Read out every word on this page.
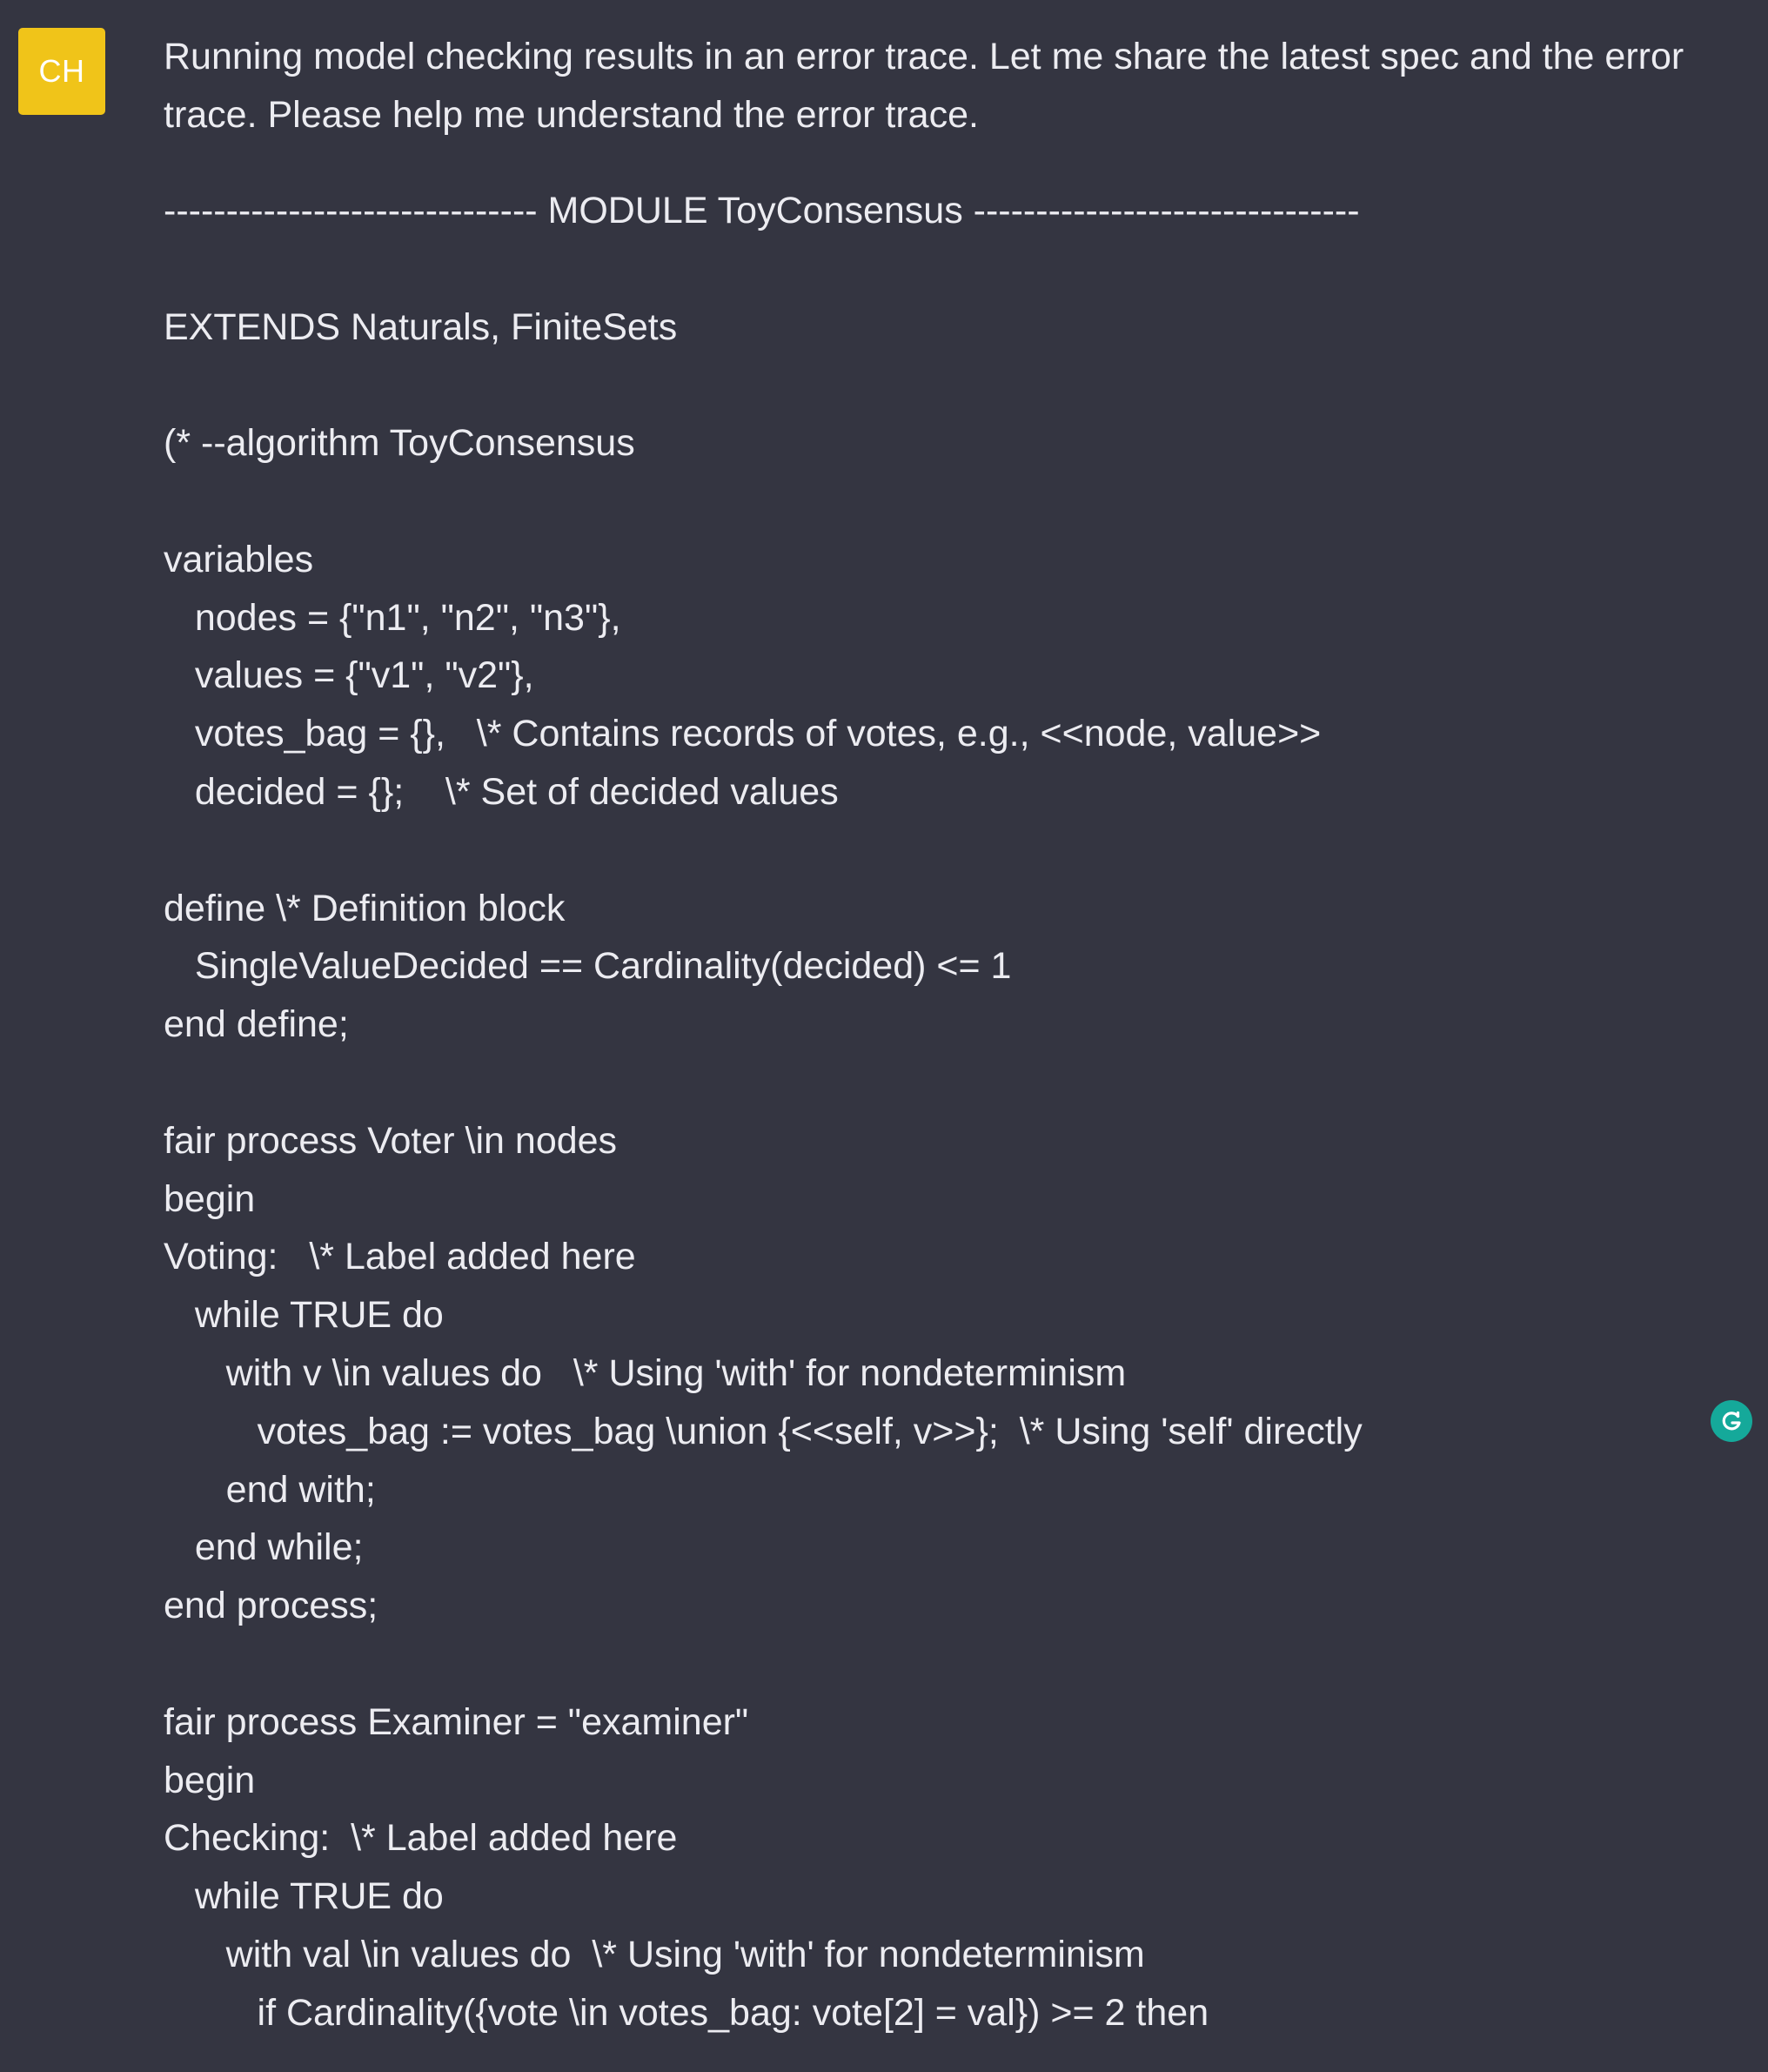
CH Running model checking results in an error trace. Let me share the latest spec and the error trace. Please help me understand the error trace.

------------------------------ MODULE ToyConsensus -------------------------------
EXTENDS Naturals, FiniteSets
(* --algorithm ToyConsensus
variables
nodes = {"n1", "n2", "n3"},
values = {"v1", "v2"},
votes_bag = {},   \* Contains records of votes, e.g., <<node, value>>
decided = {};    \* Set of decided values
define \* Definition block
SingleValueDecided == Cardinality(decided) <= 1
end define;
fair process Voter \in nodes
begin
Voting:   \* Label added here
while TRUE do
with v \in values do   \* Using 'with' for nondeterminism
votes_bag := votes_bag \union {<<self, v>>};  \* Using 'self' directly
end with;
end while;
end process;
fair process Examiner = "examiner"
begin
Checking:  \* Label added here
while TRUE do
with val \in values do  \* Using 'with' for nondeterminism
if Cardinality({vote \in votes_bag: vote[2] = val}) >= 2 then
